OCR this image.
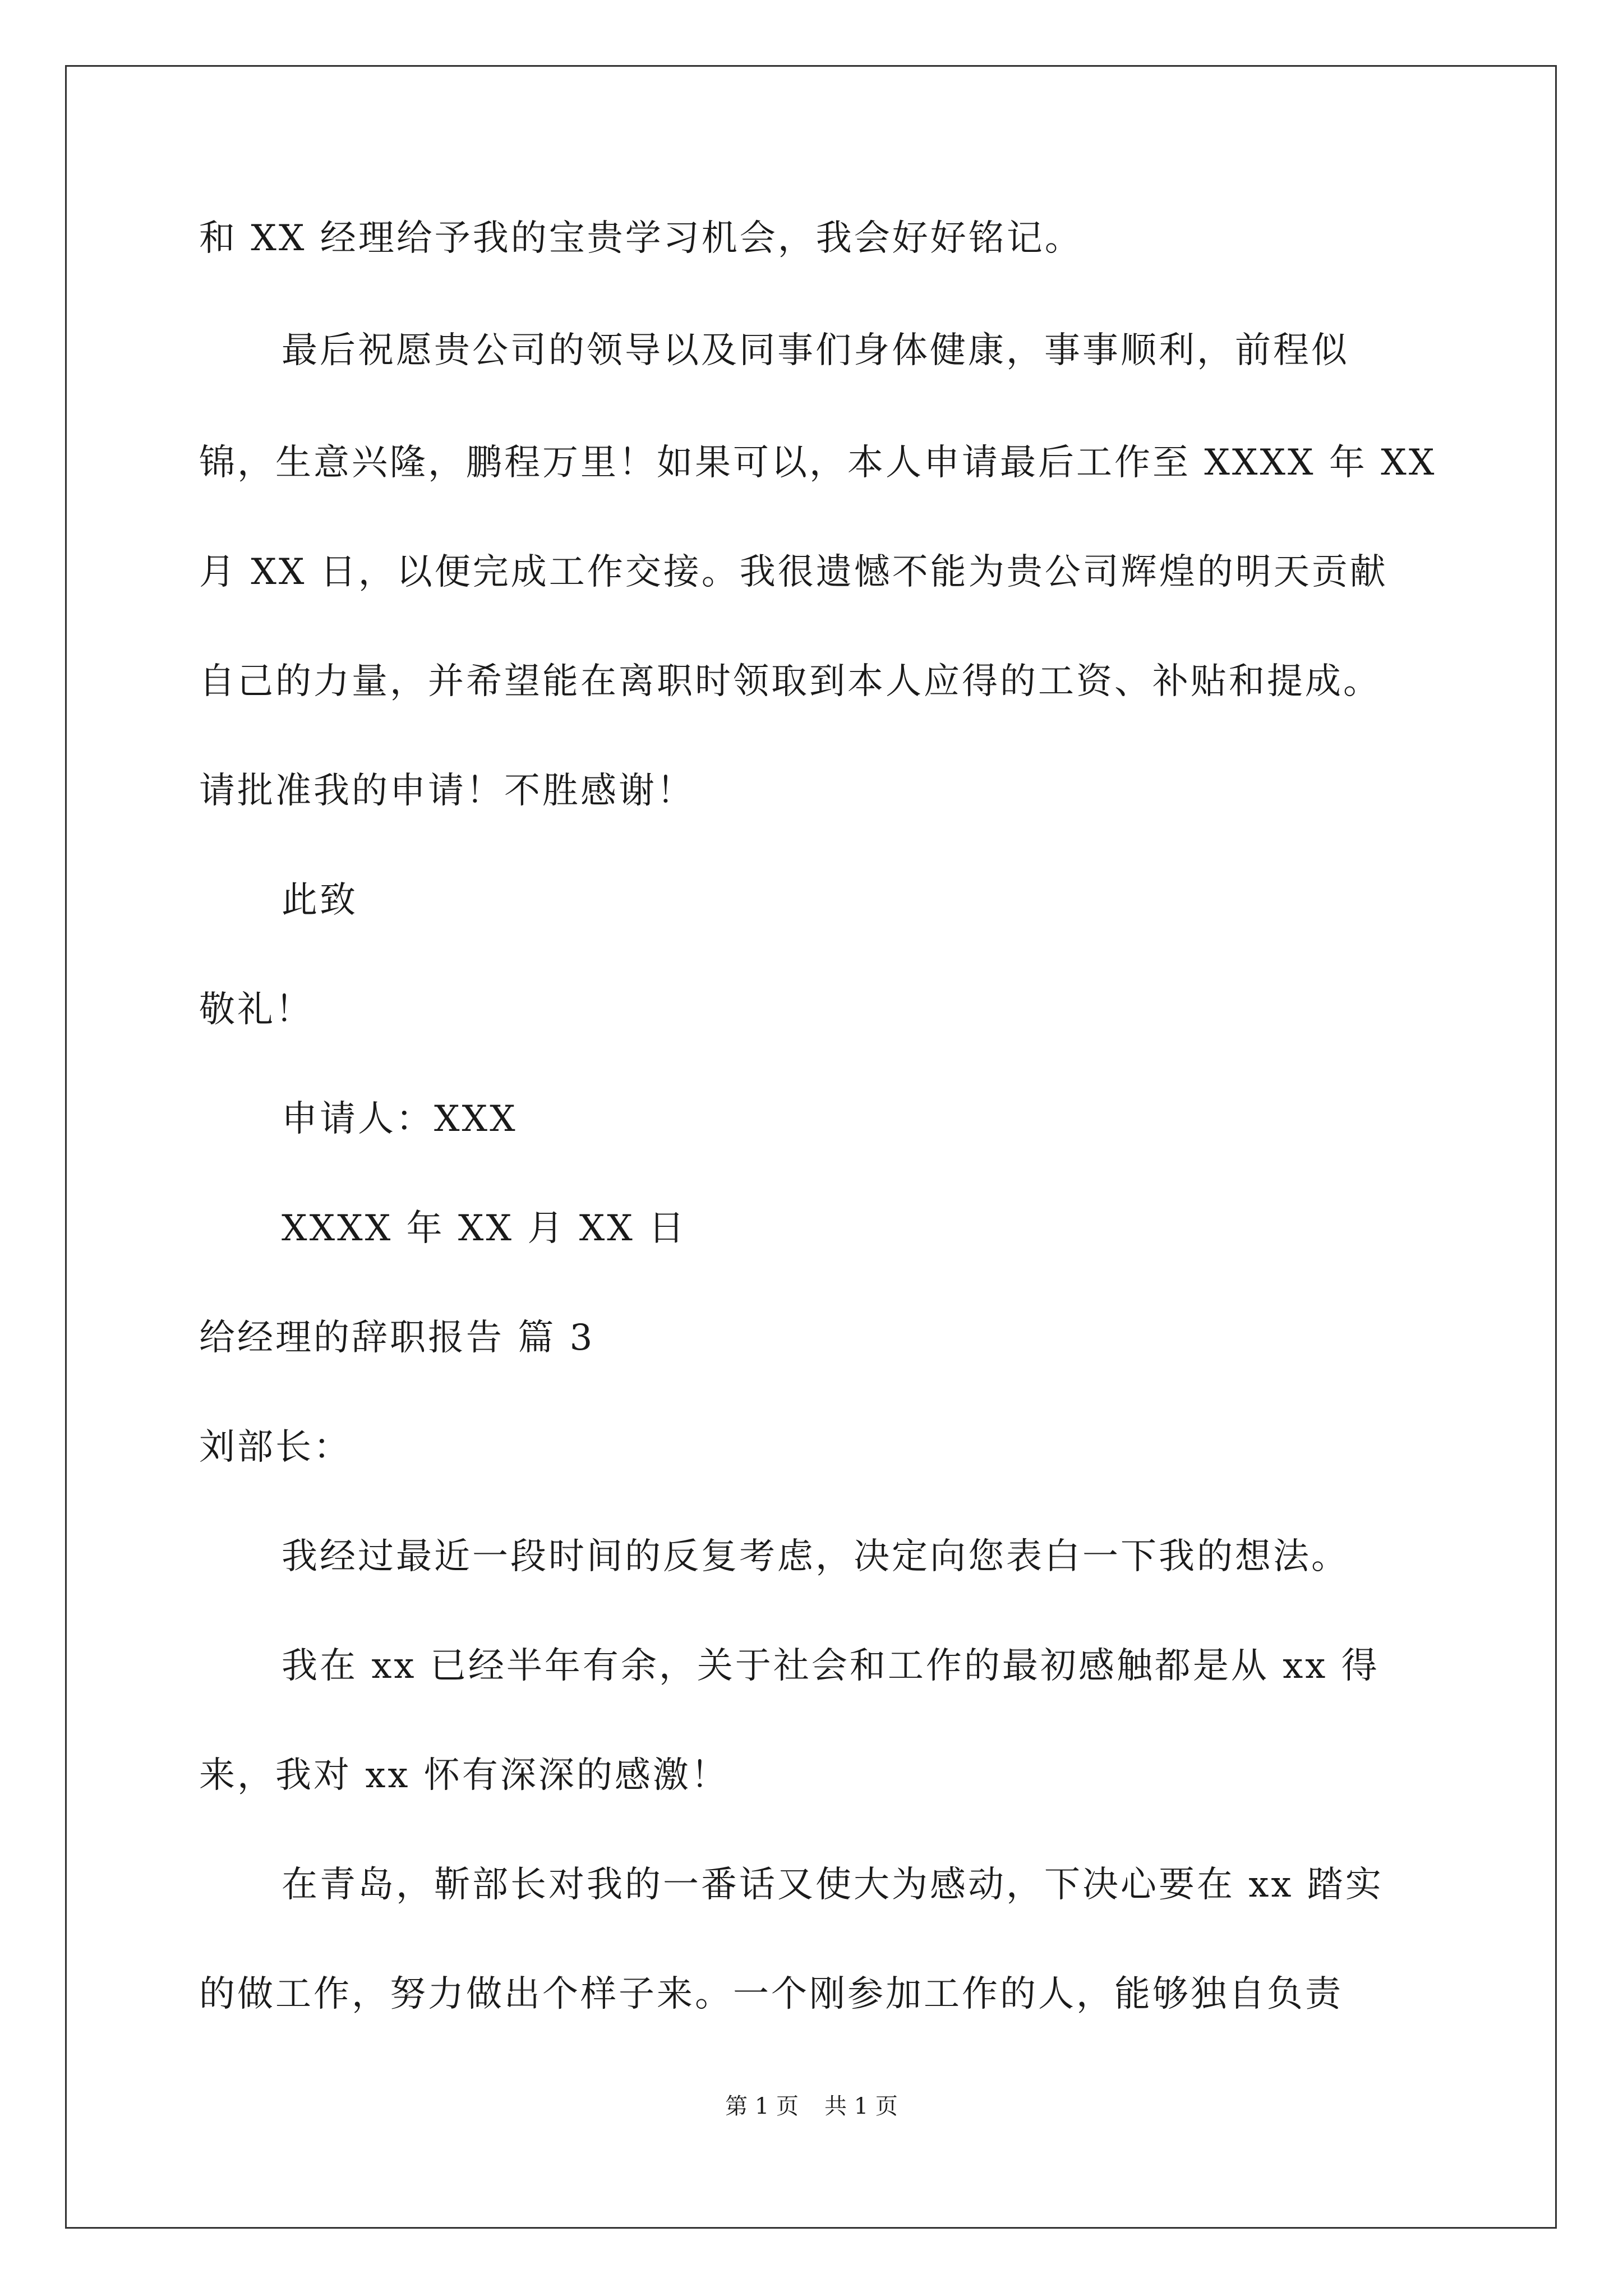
和 XX 经理给予我的宝贵学习机会，我会好好铭记。
最后祝愿贵公司的领导以及同事们身体健康，事事顺利，前程似
锦，生意兴隆，鹏程万里！如果可以，本人申请最后工作至 XXXX 年 XX
月 XX 日，以便完成工作交接。我很遗憾不能为贵公司辉煌的明天贡献
自己的力量，并希望能在离职时领取到本人应得的工资、补贴和提成。
请批准我的申请！不胜感谢！
此致
敬礼！
申请人：XXX
XXXX 年 XX 月 XX 日
给经理的辞职报告 篇 3
刘部长：
我经过最近一段时间的反复考虑，决定向您表白一下我的想法。
我在 xx 已经半年有余，关于社会和工作的最初感触都是从 xx 得
来，我对 xx 怀有深深的感激！
在青岛，靳部长对我的一番话又使大为感动，下决心要在 xx 踏实
的做工作，努力做出个样子来。一个刚参加工作的人，能够独自负责
第 1 页 共 1 页
